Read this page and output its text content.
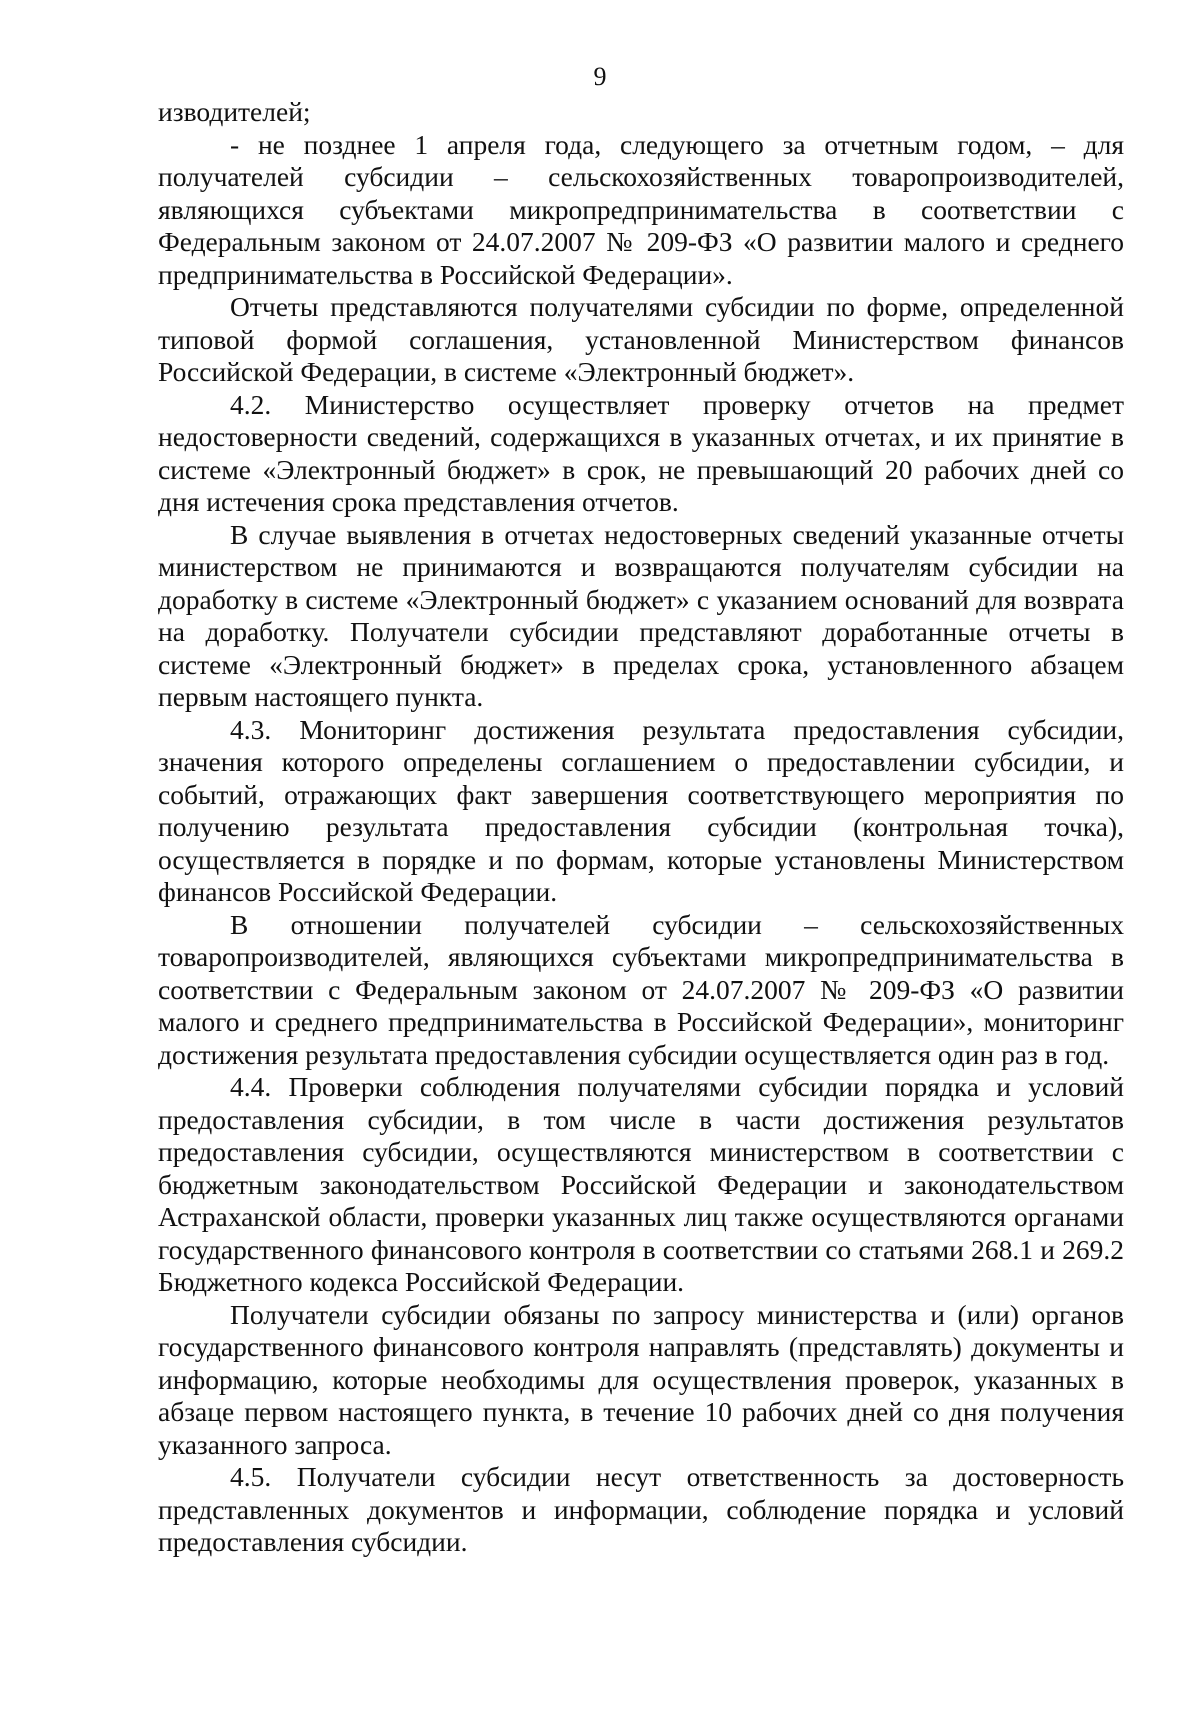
9

изводителей;

- не позднее 1 апреля года, следующего за отчетным годом, – для получателей субсидии – сельскохозяйственных товаропроизводителей, являющихся субъектами микропредпринимательства в соответствии с Федеральным законом от 24.07.2007 № 209-ФЗ «О развитии малого и среднего предпринимательства в Российской Федерации».

Отчеты представляются получателями субсидии по форме, определенной типовой формой соглашения, установленной Министерством финансов Российской Федерации, в системе «Электронный бюджет».

4.2. Министерство осуществляет проверку отчетов на предмет недостоверности сведений, содержащихся в указанных отчетах, и их принятие в системе «Электронный бюджет» в срок, не превышающий 20 рабочих дней со дня истечения срока представления отчетов.

В случае выявления в отчетах недостоверных сведений указанные отчеты министерством не принимаются и возвращаются получателям субсидии на доработку в системе «Электронный бюджет» с указанием оснований для возврата на доработку. Получатели субсидии представляют доработанные отчеты в системе «Электронный бюджет» в пределах срока, установленного абзацем первым настоящего пункта.

4.3. Мониторинг достижения результата предоставления субсидии, значения которого определены соглашением о предоставлении субсидии, и событий, отражающих факт завершения соответствующего мероприятия по получению результата предоставления субсидии (контрольная точка), осуществляется в порядке и по формам, которые установлены Министерством финансов Российской Федерации.

В отношении получателей субсидии – сельскохозяйственных товаропроизводителей, являющихся субъектами микропредпринимательства в соответствии с Федеральным законом от 24.07.2007 № 209-ФЗ «О развитии малого и среднего предпринимательства в Российской Федерации», мониторинг достижения результата предоставления субсидии осуществляется один раз в год.

4.4. Проверки соблюдения получателями субсидии порядка и условий предоставления субсидии, в том числе в части достижения результатов предоставления субсидии, осуществляются министерством в соответствии с бюджетным законодательством Российской Федерации и законодательством Астраханской области, проверки указанных лиц также осуществляются органами государственного финансового контроля в соответствии со статьями 268.1 и 269.2 Бюджетного кодекса Российской Федерации.

Получатели субсидии обязаны по запросу министерства и (или) органов государственного финансового контроля направлять (представлять) документы и информацию, которые необходимы для осуществления проверок, указанных в абзаце первом настоящего пункта, в течение 10 рабочих дней со дня получения указанного запроса.

4.5. Получатели субсидии несут ответственность за достоверность представленных документов и информации, соблюдение порядка и условий предоставления субсидии.
